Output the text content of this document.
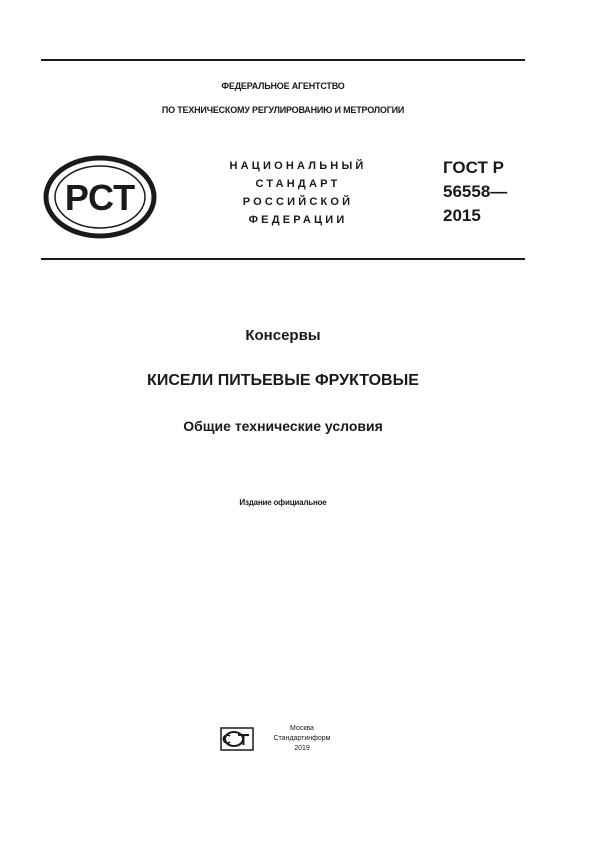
ФЕДЕРАЛЬНОЕ АГЕНТСТВО
ПО ТЕХНИЧЕСКОМУ РЕГУЛИРОВАНИЮ И МЕТРОЛОГИИ
РСТ
НАЦИОНАЛЬНЫЙ
СТАНДАРТ
РОССИЙСКОЙ
ФЕДЕРАЦИИ
ГОСТ Р
56558—
2015
Консервы
КИСЕЛИ ПИТЬЕВЫЕ ФРУКТОВЫЕ
Общие технические условия
Издание официальное
Москва
Стандартинформ
2019
